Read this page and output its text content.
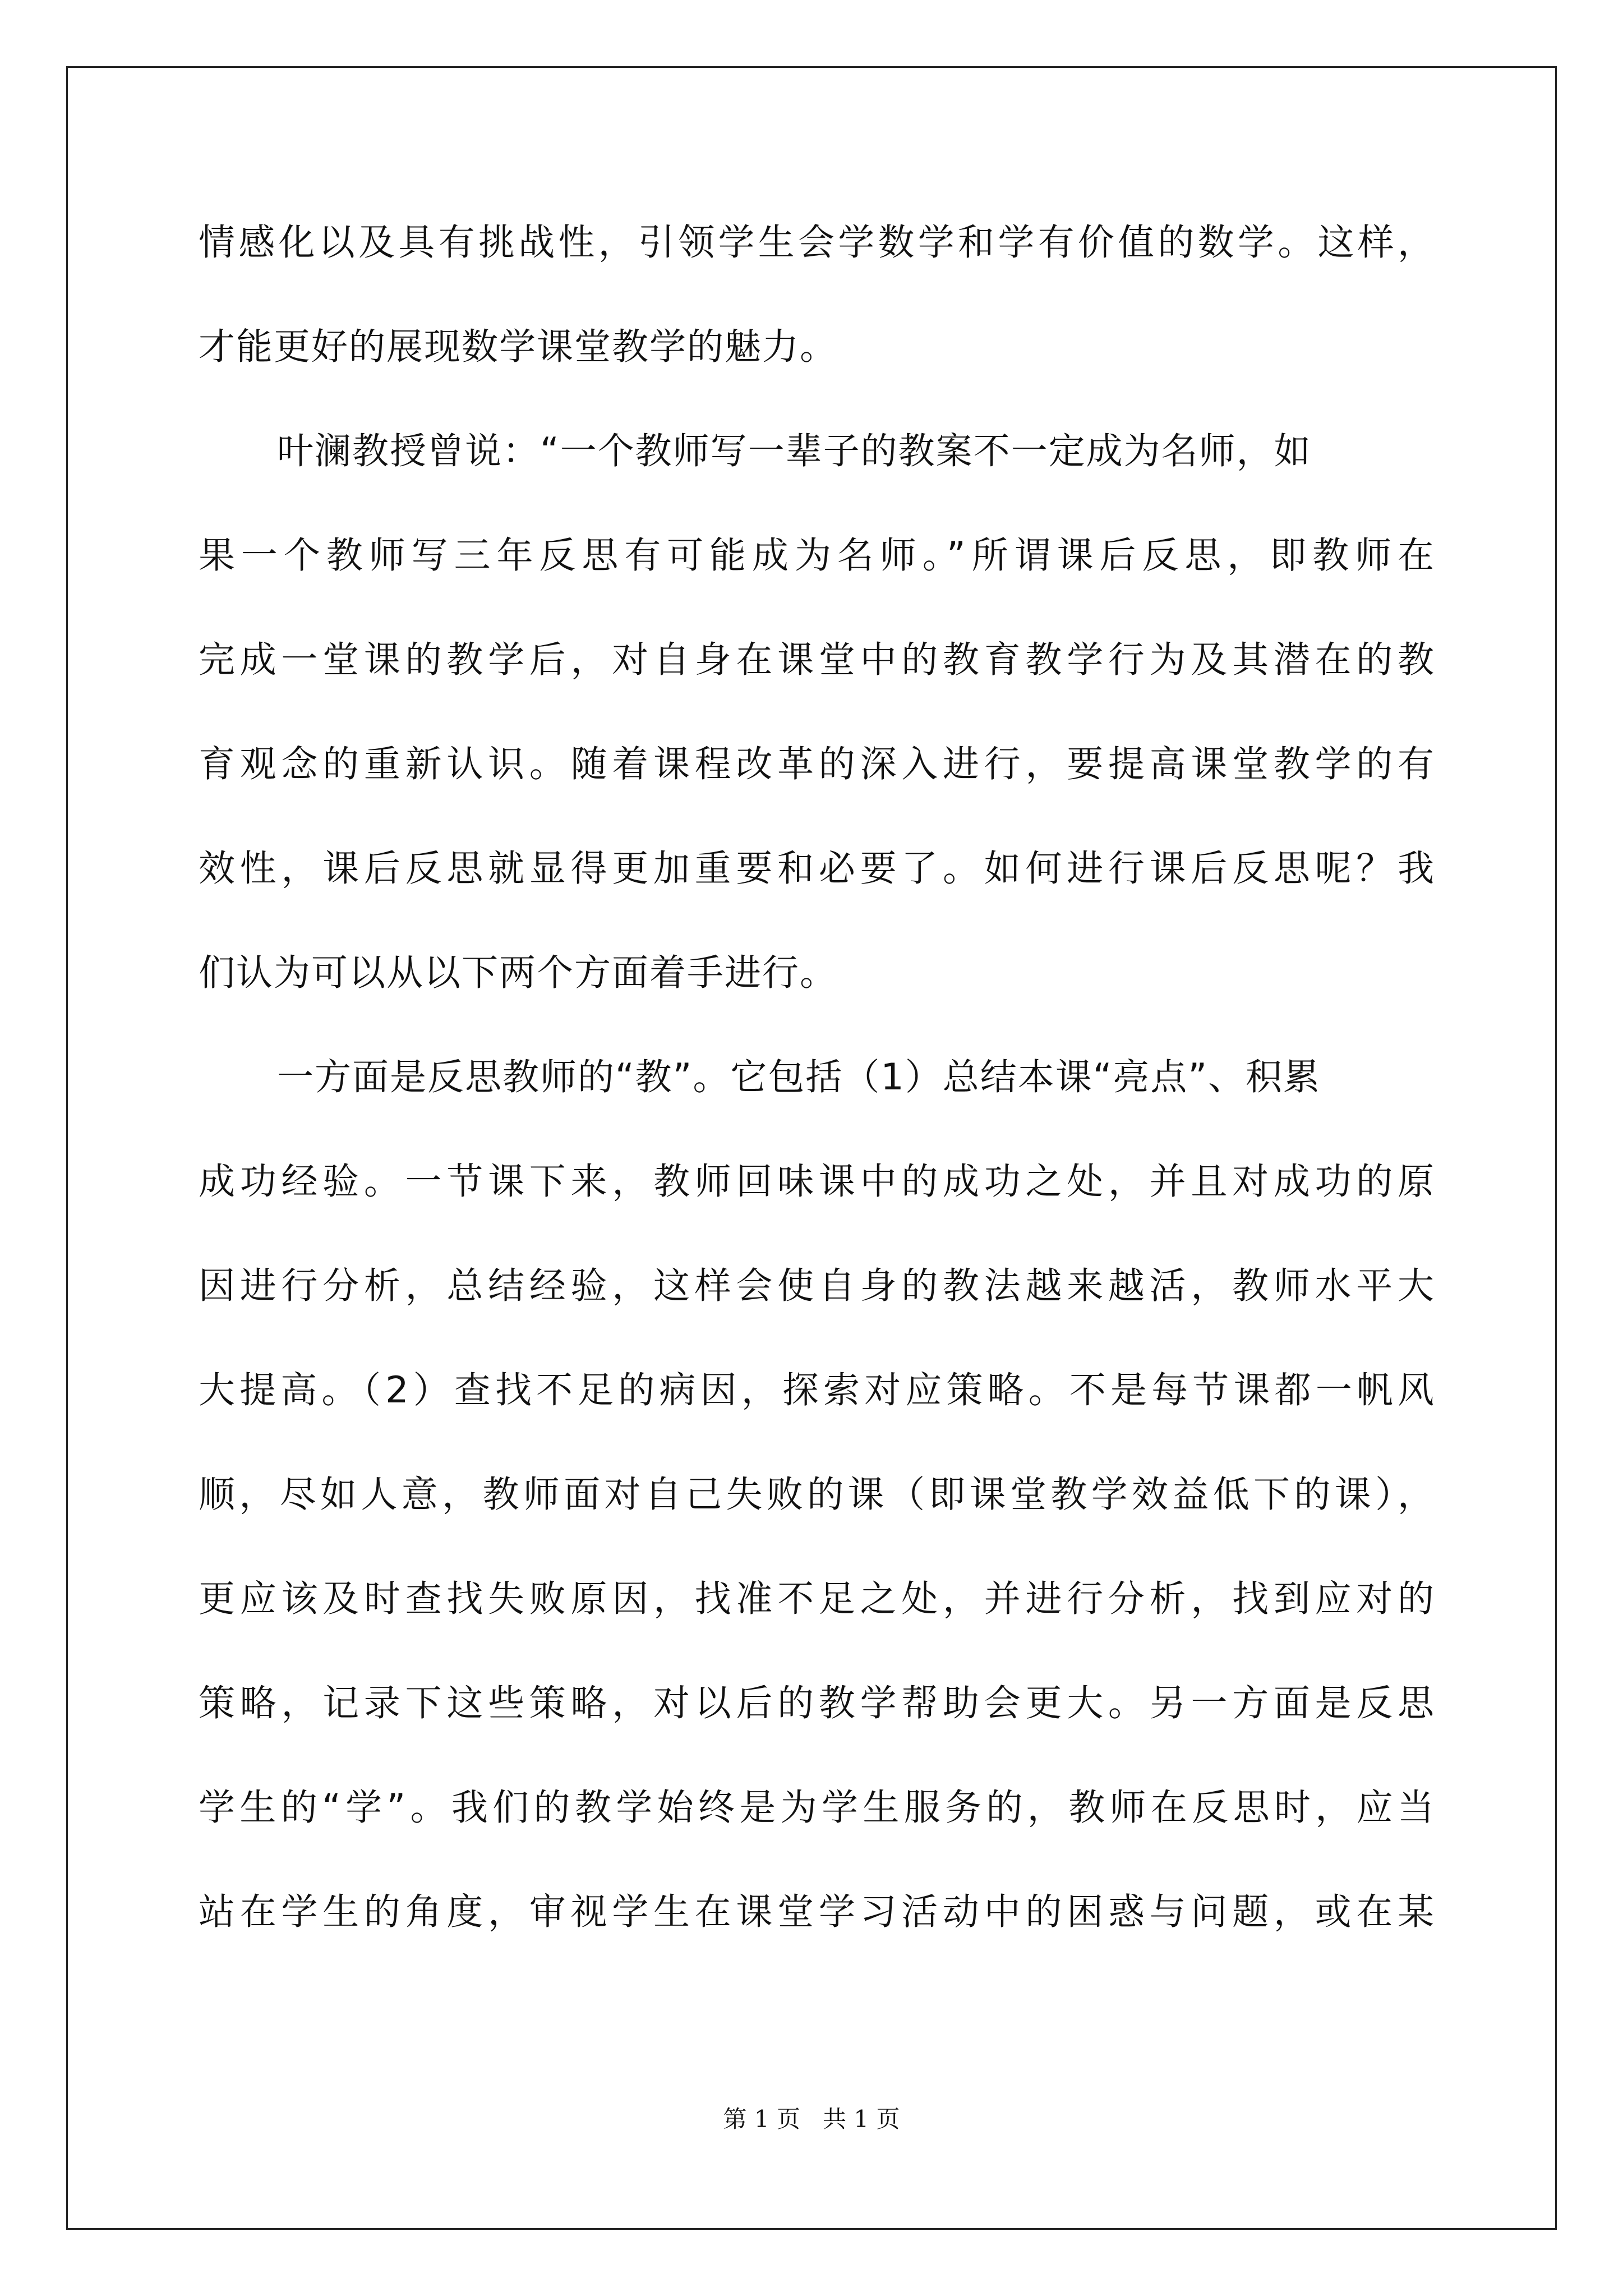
情感化以及具有挑战性，引领学生会学数学和学有价值的数学。这样，
才能更好的展现数学课堂教学的魅力。
叶澜教授曾说：“一个教师写一辈子的教案不一定成为名师，如
果一个教师写三年反思有可能成为名师。”所谓课后反思，即教师在
完成一堂课的教学后，对自身在课堂中的教育教学行为及其潜在的教
育观念的重新认识。随着课程改革的深入进行，要提高课堂教学的有
效性，课后反思就显得更加重要和必要了。如何进行课后反思呢？我
们认为可以从以下两个方面着手进行。
一方面是反思教师的“教”。它包括（1）总结本课“亮点”、积累
成功经验。一节课下来，教师回味课中的成功之处，并且对成功的原
因进行分析，总结经验，这样会使自身的教法越来越活，教师水平大
大提高。（2）查找不足的病因，探索对应策略。不是每节课都一帆风
顺，尽如人意，教师面对自己失败的课（即课堂教学效益低下的课），
更应该及时查找失败原因，找准不足之处，并进行分析，找到应对的
策略，记录下这些策略，对以后的教学帮助会更大。另一方面是反思
学生的“学”。我们的教学始终是为学生服务的，教师在反思时，应当
站在学生的角度，审视学生在课堂学习活动中的困惑与问题，或在某
第 1 页 共 1 页
